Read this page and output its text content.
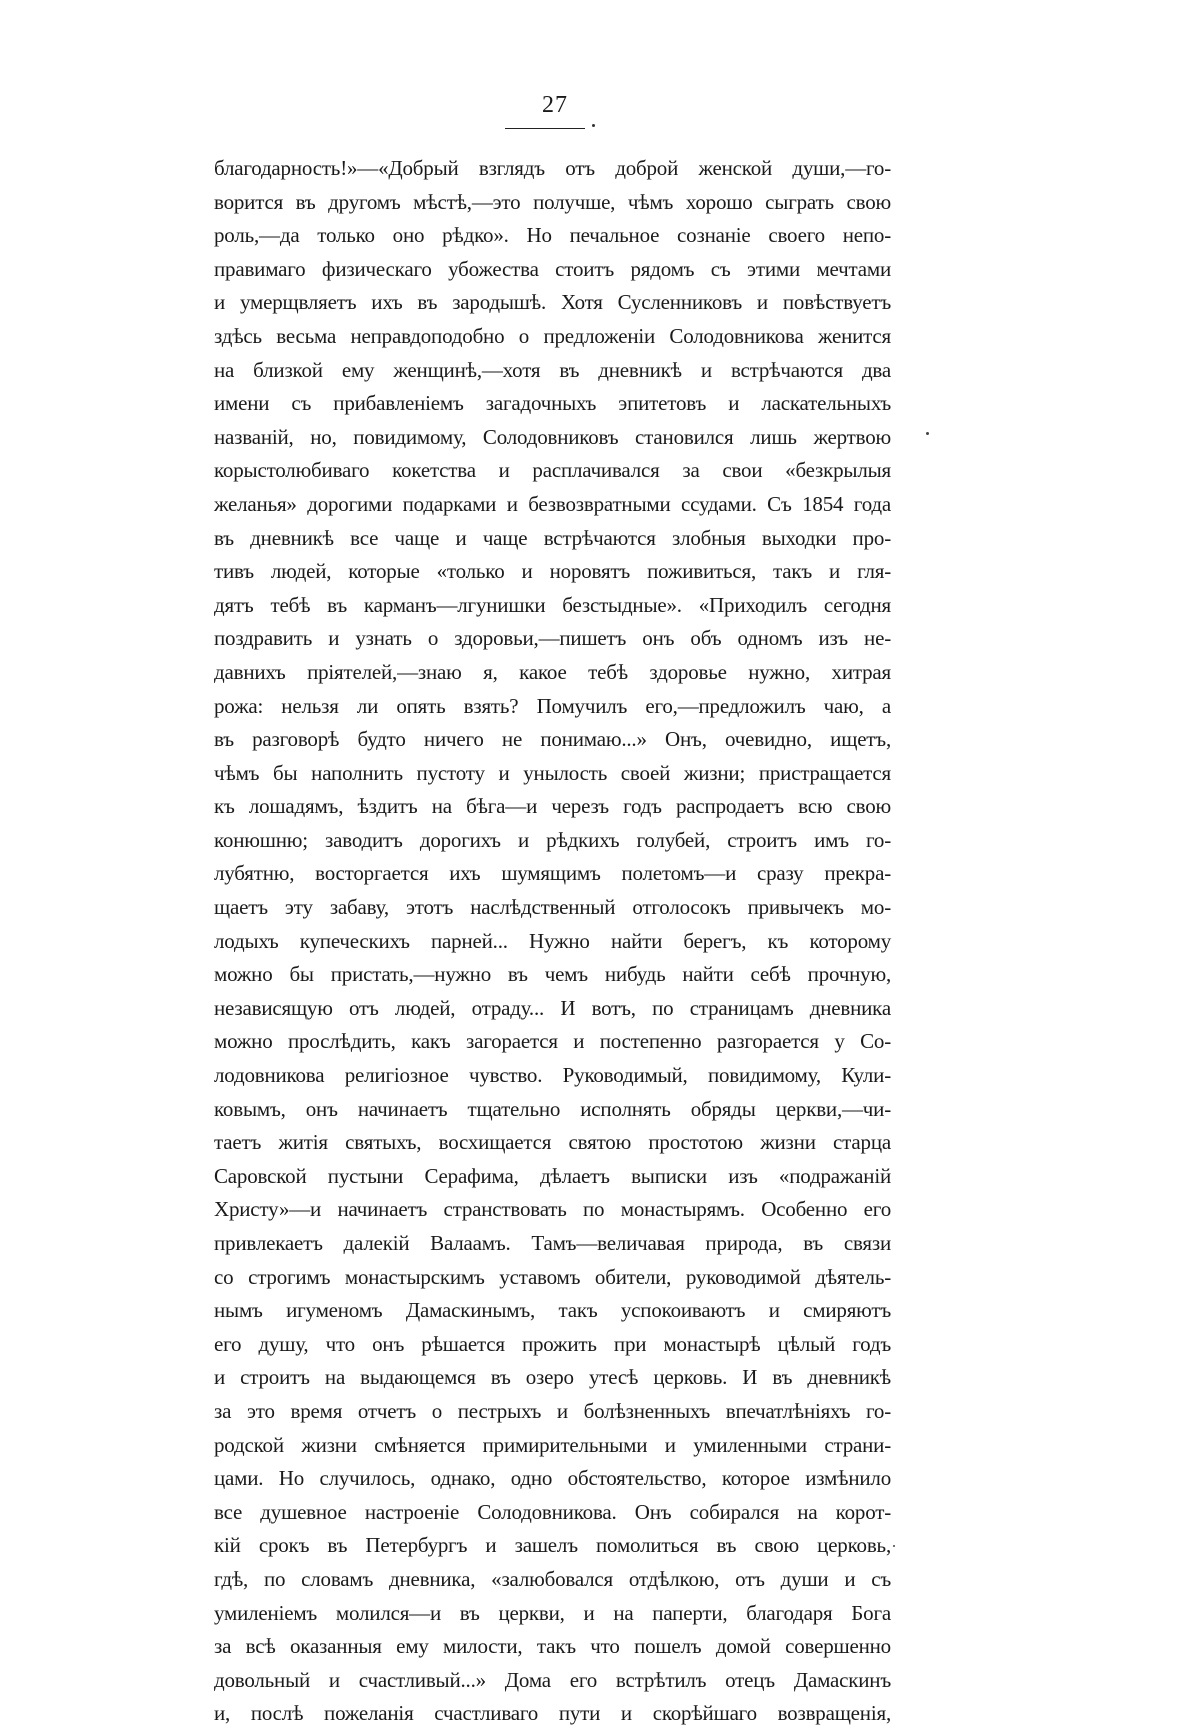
27
благодарность!»—«Добрый взглядъ отъ доброй женской души,—го-
ворится въ другомъ мѣстѣ,—это получше, чѣмъ хорошо сыграть свою
роль,—да только оно рѣдко». Но печальное сознаніе своего непо-
правимаго физическаго убожества стоитъ рядомъ съ этими мечтами
и умерщвляетъ ихъ въ зародышѣ. Хотя Сусленниковъ и повѣствуетъ
здѣсь весьма неправдоподобно о предложеніи Солодовникова женится
на близкой ему женщинѣ,—хотя въ дневникѣ и встрѣчаются два
имени съ прибавленіемъ загадочныхъ эпитетовъ и ласкательныхъ
названій, но, повидимому, Солодовниковъ становился лишь жертвою
корыстолюбиваго кокетства и расплачивался за свои «безкрылыя
желанья» дорогими подарками и безвозвратными ссудами. Съ 1854 года
въ дневникѣ все чаще и чаще встрѣчаются злобныя выходки про-
тивъ людей, которые «только и норовятъ поживиться, такъ и гля-
дятъ тебѣ въ карманъ—лгунишки безстыдные». «Приходилъ сегодня
поздравить и узнать о здоровьи,—пишетъ онъ объ одномъ изъ не-
давнихъ пріятелей,—знаю я, какое тебѣ здоровье нужно, хитрая
рожа: нельзя ли опять взять? Помучилъ его,—предложилъ чаю, а
въ разговорѣ будто ничего не понимаю...» Онъ, очевидно, ищетъ,
чѣмъ бы наполнить пустоту и унылость своей жизни; пристращается
къ лошадямъ, ѣздитъ на бѣга—и черезъ годъ распродаетъ всю свою
конюшню; заводитъ дорогихъ и рѣдкихъ голубей, строитъ имъ го-
лубятню, восторгается ихъ шумящимъ полетомъ—и сразу прекра-
щаетъ эту забаву, этотъ наслѣдственный отголосокъ привычекъ мо-
лодыхъ купеческихъ парней... Нужно найти берегъ, къ которому
можно бы пристать,—нужно въ чемъ нибудь найти себѣ прочную,
независящую отъ людей, отраду... И вотъ, по страницамъ дневника
можно прослѣдить, какъ загорается и постепенно разгорается у Со-
лодовникова религіозное чувство. Руководимый, повидимому, Кули-
ковымъ, онъ начинаетъ тщательно исполнять обряды церкви,—чи-
таетъ житія святыхъ, восхищается святою простотою жизни старца
Саровской пустыни Серафима, дѣлаетъ выписки изъ «подражаній
Христу»—и начинаетъ странствовать по монастырямъ. Особенно его
привлекаетъ далекій Валаамъ. Тамъ—величавая природа, въ связи
со строгимъ монастырскимъ уставомъ обители, руководимой дѣятель-
нымъ игуменомъ Дамаскинымъ, такъ успокоиваютъ и смиряютъ
его душу, что онъ рѣшается прожить при монастырѣ цѣлый годъ
и строитъ на выдающемся въ озеро утесѣ церковь. И въ дневникѣ
за это время отчетъ о пестрыхъ и болѣзненныхъ впечатлѣніяхъ го-
родской жизни смѣняется примирительными и умиленными страни-
цами. Но случилось, однако, одно обстоятельство, которое измѣнило
все душевное настроеніе Солодовникова. Онъ собирался на корот-
кій срокъ въ Петербургъ и зашелъ помолиться въ свою церковь,
гдѣ, по словамъ дневника, «залюбовался отдѣлкою, отъ души и съ
умиленіемъ молился—и въ церкви, и на паперти, благодаря Бога
за всѣ оказанныя ему милости, такъ что пошелъ домой совершенно
довольный и счастливый...» Дома его встрѣтилъ отецъ Дамаскинъ
и, послѣ пожеланія счастливаго пути и скорѣйшаго возвращенія,
